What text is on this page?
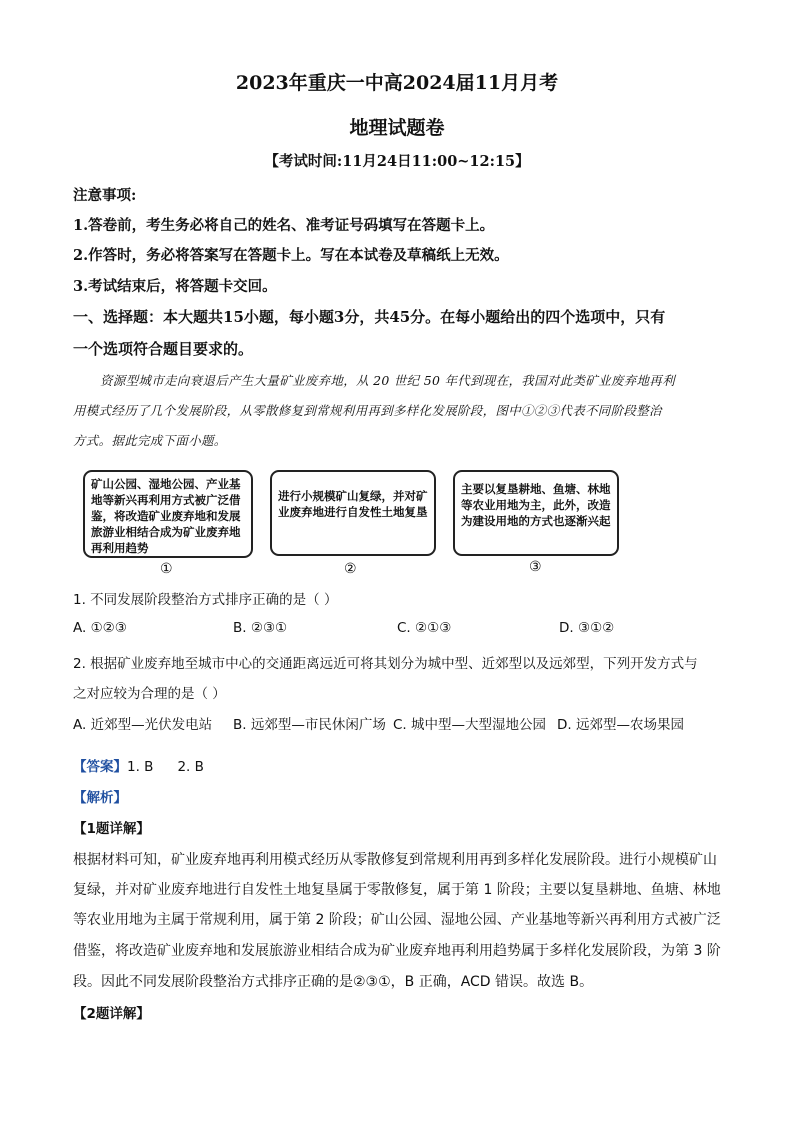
2023年重庆一中高2024届11月月考
地理试题卷
【考试时间:11月24日11:00~12:15】
注意事项:
1.答卷前，考生务必将自己的姓名、准考证号码填写在答题卡上。
2.作答时，务必将答案写在答题卡上。写在本试卷及草稿纸上无效。
3.考试结束后，将答题卡交回。
一、选择题：本大题共15小题，每小题3分，共45分。在每小题给出的四个选项中，只有
一个选项符合题目要求的。
资源型城市走向衰退后产生大量矿业废弃地，从 20 世纪 50 年代到现在，我国对此类矿业废弃地再利
用模式经历了几个发展阶段，从零散修复到常规利用再到多样化发展阶段，图中①②③代表不同阶段整治
方式。据此完成下面小题。
矿山公园、湿地公园、产业基地等新兴再利用方式被广泛借鉴，将改造矿业废弃地和发展旅游业相结合成为矿业废弃地再利用趋势
①
进行小规模矿山复绿，并对矿业废弃地进行自发性土地复垦
②
主要以复垦耕地、鱼塘、林地等农业用地为主，此外，改造为建设用地的方式也逐渐兴起
③
1. 不同发展阶段整治方式排序正确的是（ ）
A. ①②③	B. ②③①	C. ②①③	D. ③①②
2. 根据矿业废弃地至城市中心的交通距离远近可将其划分为城中型、近郊型以及远郊型，下列开发方式与
之对应较为合理的是（ ）
A. 近郊型—光伏发电站 B. 远郊型—市民休闲广场 C. 城中型—大型湿地公园 D. 远郊型—农场果园
【答案】1. B 2. B
【解析】
【1题详解】
根据材料可知，矿业废弃地再利用模式经历从零散修复到常规利用再到多样化发展阶段。进行小规模矿山
复绿，并对矿业废弃地进行自发性土地复垦属于零散修复，属于第 1 阶段；主要以复垦耕地、鱼塘、林地
等农业用地为主属于常规利用，属于第 2 阶段；矿山公园、湿地公园、产业基地等新兴再利用方式被广泛
借鉴，将改造矿业废弃地和发展旅游业相结合成为矿业废弃地再利用趋势属于多样化发展阶段，为第 3 阶
段。因此不同发展阶段整治方式排序正确的是②③①，B 正确，ACD 错误。故选 B。
【2题详解】
